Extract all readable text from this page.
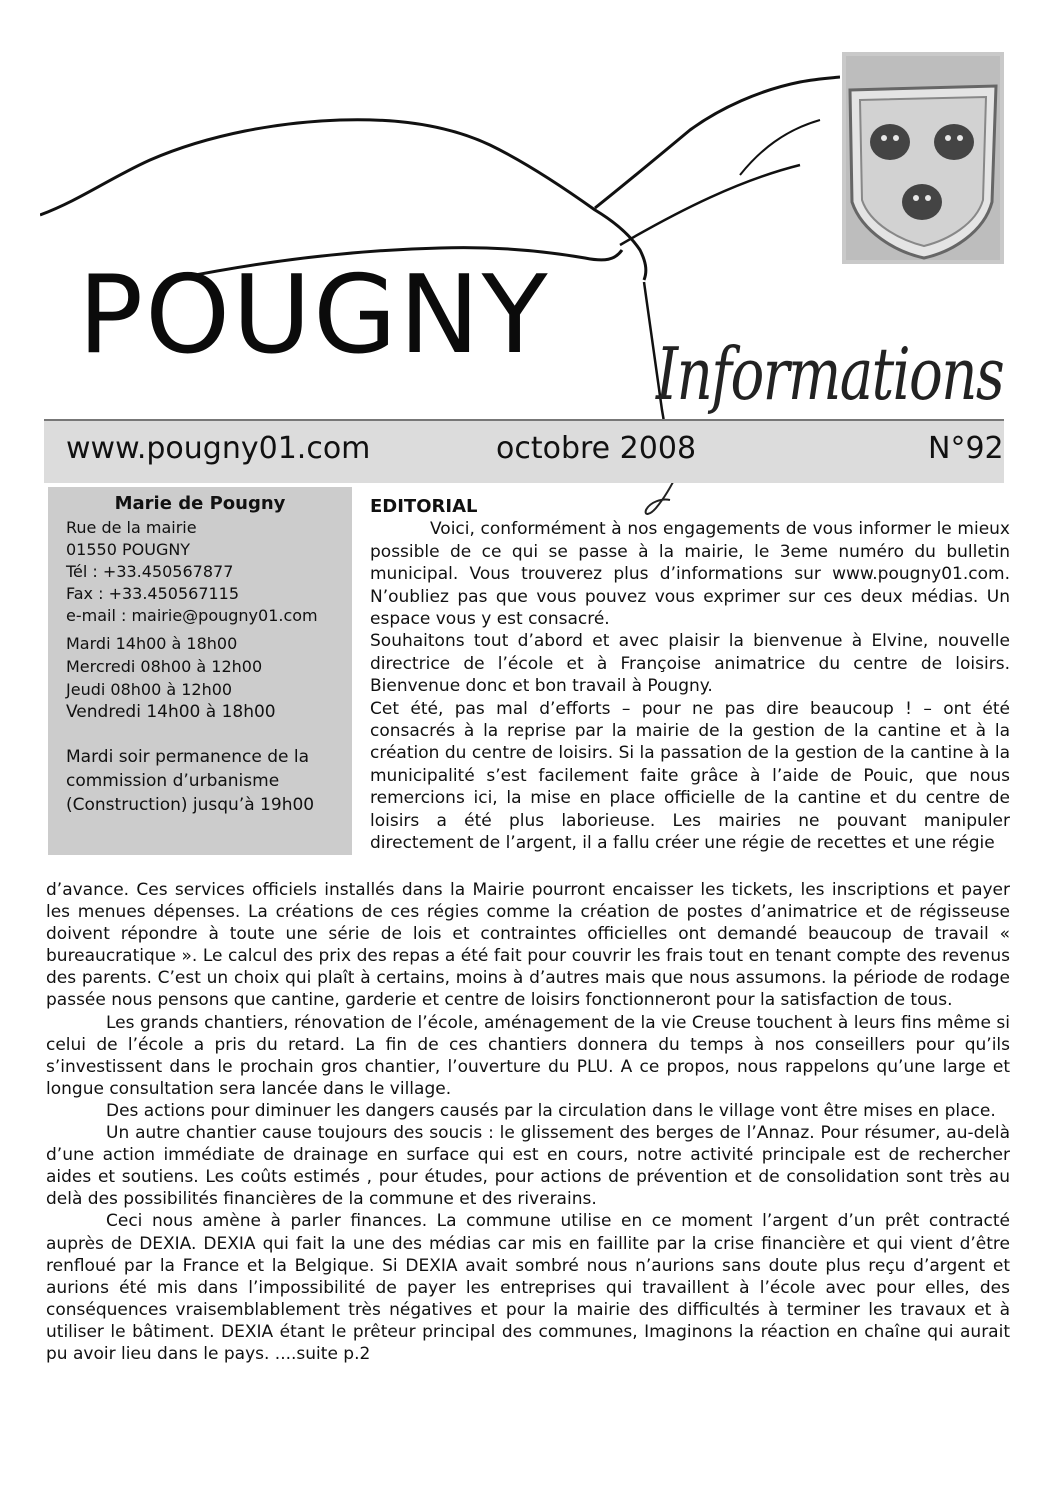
POUGNY Informations
www.pougny01.com	octobre 2008	N°92
Marie de Pougny
Rue de la mairie
01550 POUGNY
Tél : +33.450567877
Fax : +33.450567115
e-mail : mairie@pougny01.com
Mardi 14h00 à 18h00
Mercredi 08h00 à 12h00
Jeudi 08h00 à 12h00
Vendredi 14h00 à 18h00
Mardi soir permanence de la commission d’urbanisme (Construction) jusqu’à 19h00
EDITORIAL

Voici, conformément à nos engagements de vous informer le mieux possible de ce qui se passe à la mairie, le 3eme numéro du bulletin municipal. Vous trouverez plus d’informations sur www.pougny01.com. N’oubliez pas que vous pouvez vous exprimer sur ces deux médias. Un espace vous y est consacré.

Souhaitons tout d’abord et avec plaisir la bienvenue à Elvine, nouvelle directrice de l’école et à Françoise animatrice du centre de loisirs. Bienvenue donc et bon travail à Pougny.

Cet été, pas mal d’efforts – pour ne pas dire beaucoup ! – ont été consacrés à la reprise par la mairie de la gestion de la cantine et à la création du centre de loisirs. Si la passation de la gestion de la cantine à la municipalité s’est facilement faite grâce à l’aide de Pouic, que nous remercions ici, la mise en place officielle de la cantine et du centre de loisirs a été plus laborieuse. Les mairies ne pouvant manipuler directement de l’argent, il a fallu créer une régie de recettes et une régie

d’avance. Ces services officiels installés dans la Mairie pourront encaisser les tickets, les inscriptions et payer les menues dépenses. La créations de ces régies comme la création de postes d’animatrice et de régisseuse doivent répondre à toute une série de lois et contraintes officielles ont demandé beaucoup de travail « bureaucratique ». Le calcul des prix des repas a été fait pour couvrir les frais tout en tenant compte des revenus des parents. C’est un choix qui plaît à certains, moins à d’autres mais que nous assumons. la période de rodage passée nous pensons que cantine, garderie et centre de loisirs fonctionneront pour la satisfaction de tous.

Les grands chantiers, rénovation de l’école, aménagement de la vie Creuse touchent à leurs fins même si celui de l’école a pris du retard. La fin de ces chantiers donnera du temps à nos conseillers pour qu’ils s’investissent dans le prochain gros chantier, l’ouverture du PLU. A ce propos, nous rappelons qu’une large et longue consultation sera lancée dans le village.

Des actions pour diminuer les dangers causés par la circulation dans le village vont être mises en place.

Un autre chantier cause toujours des soucis : le glissement des berges de l’Annaz. Pour résumer, au-delà d’une action immédiate de drainage en surface qui est en cours, notre activité principale est de rechercher aides et soutiens. Les coûts estimés , pour études, pour actions de prévention et de consolidation sont très au delà des possibilités financières de la commune et des riverains.

Ceci nous amène à parler finances. La commune utilise en ce moment l’argent d’un prêt contracté auprès de DEXIA. DEXIA qui fait la une des médias car mis en faillite par la crise financière et qui vient d’être renfloué par la France et la Belgique. Si DEXIA avait sombré nous n’aurions sans doute plus reçu d’argent et aurions été mis dans l’impossibilité de payer les entreprises qui travaillent à l’école avec pour elles, des conséquences vraisemblablement très négatives et pour la mairie des difficultés à terminer les travaux et à utiliser le bâtiment. DEXIA étant le prêteur principal des communes, Imaginons la réaction en chaîne qui aurait pu avoir lieu dans le pays. ....suite p.2
